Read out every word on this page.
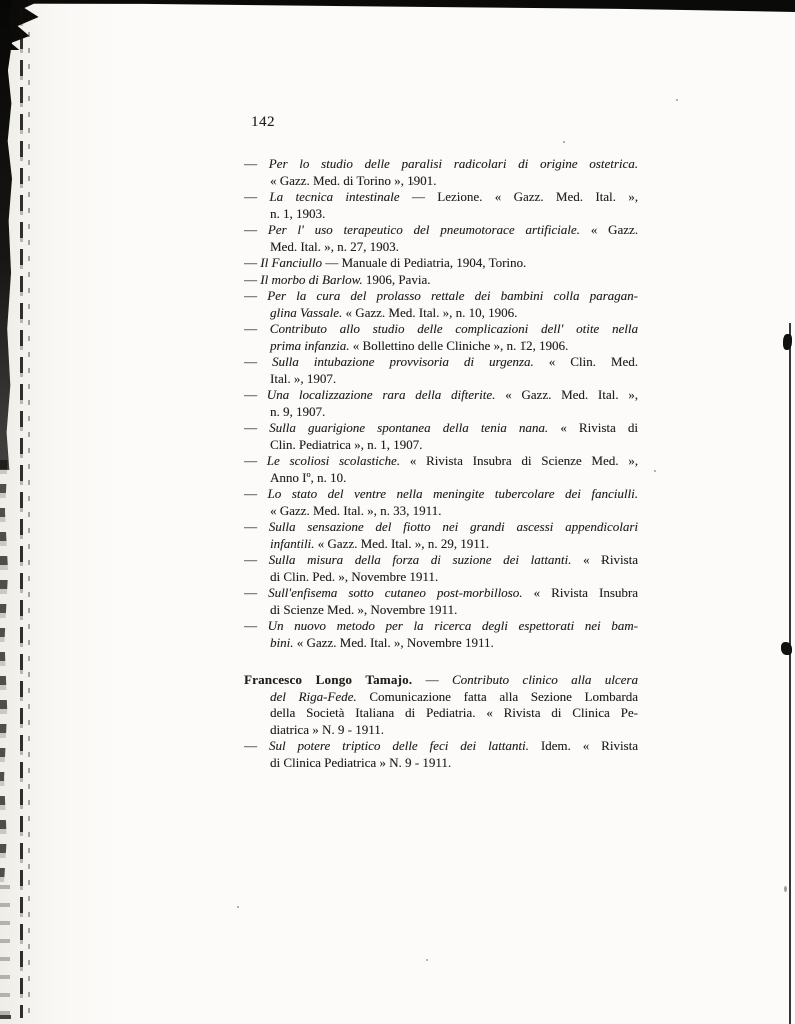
142
— Per lo studio delle paralisi radicolari di origine ostetrica.
« Gazz. Med. di Torino », 1901.
— La tecnica intestinale — Lezione. « Gazz. Med. Ital. »,
n. 1, 1903.
— Per l' uso terapeutico del pneumotorace artificiale. « Gazz.
Med. Ital. », n. 27, 1903.
— Il Fanciullo — Manuale di Pediatria, 1904, Torino.
— Il morbo di Barlow. 1906, Pavia.
— Per la cura del prolasso rettale dei bambini colla paragan-
glina Vassale. « Gazz. Med. Ital. », n. 10, 1906.
— Contributo allo studio delle complicazioni dell' otite nella
prima infanzia. « Bollettino delle Cliniche », n. 12, 1906.
— Sulla intubazione provvisoria di urgenza. « Clin. Med.
Ital. », 1907.
— Una localizzazione rara della difterite. « Gazz. Med. Ital. »,
n. 9, 1907.
— Sulla guarigione spontanea della tenia nana. « Rivista di
Clin. Pediatrica », n. 1, 1907.
— Le scoliosi scolastiche. « Rivista Insubra di Scienze Med. »,
Anno Iº, n. 10.
— Lo stato del ventre nella meningite tubercolare dei fanciulli.
« Gazz. Med. Ital. », n. 33, 1911.
— Sulla sensazione del fiotto nei grandi ascessi appendicolari
infantili. « Gazz. Med. Ital. », n. 29, 1911.
— Sulla misura della forza di suzione dei lattanti. « Rivista
di Clin. Ped. », Novembre 1911.
— Sull'enfisema sotto cutaneo post-morbilloso. « Rivista Insubra
di Scienze Med. », Novembre 1911.
— Un nuovo metodo per la ricerca degli espettorati nei bam-
bini. « Gazz. Med. Ital. », Novembre 1911.
Francesco Longo Tamajo. — Contributo clinico alla ulcera
del Riga-Fede. Comunicazione fatta alla Sezione Lombarda
della Società Italiana di Pediatria. « Rivista di Clinica Pe-
diatrica » N. 9 - 1911.
— Sul potere triptico delle feci dei lattanti. Idem. « Rivista
di Clinica Pediatrica » N. 9 - 1911.
